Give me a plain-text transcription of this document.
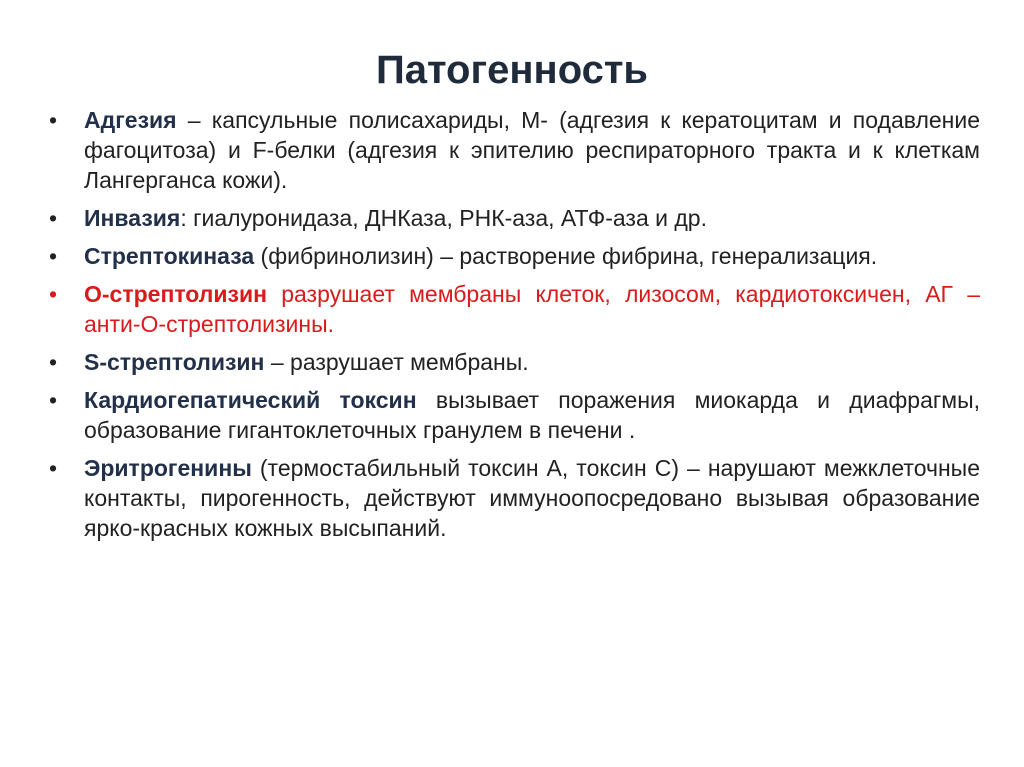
Патогенность
• Адгезия – капсульные полисахариды, М- (адгезия к кератоцитам и подавление фагоцитоза) и F-белки (адгезия к эпителию респираторного тракта и к клеткам Лангерганса кожи).
• Инвазия: гиалуронидаза, ДНКаза, РНК-аза, АТФ-аза и др.
• Стрептокиназа (фибринолизин) – растворение фибрина, генерализация.
• О-стрептолизин разрушает мембраны клеток, лизосом, кардиотоксичен, АГ – анти-О-стрептолизины.
• S-стрептолизин – разрушает мембраны.
• Кардиогепатический токсин вызывает поражения миокарда и диафрагмы, образование гигантоклеточных гранулем в печени .
• Эритрогенины (термостабильный токсин А, токсин С) – нарушают межклеточные контакты, пирогенность, действуют иммуноопосредовано вызывая образование ярко-красных кожных высыпаний.
